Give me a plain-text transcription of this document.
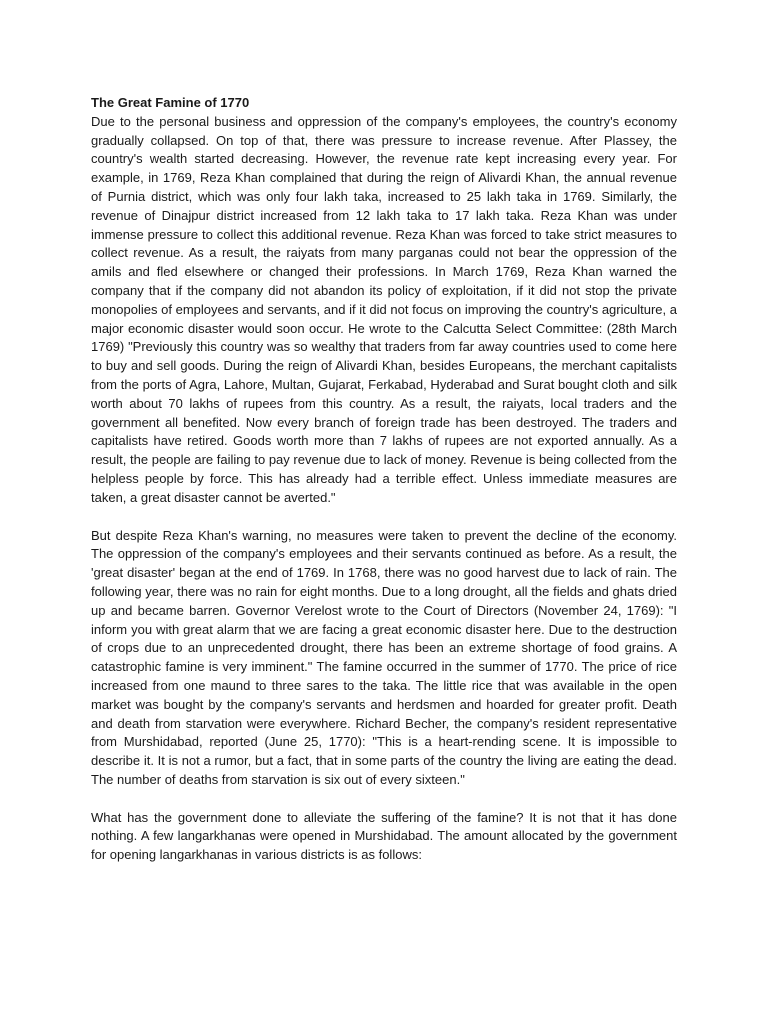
The Great Famine of 1770

Due to the personal business and oppression of the company's employees, the country's economy gradually collapsed. On top of that, there was pressure to increase revenue. After Plassey, the country's wealth started decreasing. However, the revenue rate kept increasing every year. For example, in 1769, Reza Khan complained that during the reign of Alivardi Khan, the annual revenue of Purnia district, which was only four lakh taka, increased to 25 lakh taka in 1769. Similarly, the revenue of Dinajpur district increased from 12 lakh taka to 17 lakh taka. Reza Khan was under immense pressure to collect this additional revenue. Reza Khan was forced to take strict measures to collect revenue. As a result, the raiyats from many parganas could not bear the oppression of the amils and fled elsewhere or changed their professions. In March 1769, Reza Khan warned the company that if the company did not abandon its policy of exploitation, if it did not stop the private monopolies of employees and servants, and if it did not focus on improving the country's agriculture, a major economic disaster would soon occur. He wrote to the Calcutta Select Committee: (28th March 1769) "Previously this country was so wealthy that traders from far away countries used to come here to buy and sell goods. During the reign of Alivardi Khan, besides Europeans, the merchant capitalists from the ports of Agra, Lahore, Multan, Gujarat, Ferkabad, Hyderabad and Surat bought cloth and silk worth about 70 lakhs of rupees from this country. As a result, the raiyats, local traders and the government all benefited. Now every branch of foreign trade has been destroyed. The traders and capitalists have retired. Goods worth more than 7 lakhs of rupees are not exported annually. As a result, the people are failing to pay revenue due to lack of money. Revenue is being collected from the helpless people by force. This has already had a terrible effect. Unless immediate measures are taken, a great disaster cannot be averted."

But despite Reza Khan's warning, no measures were taken to prevent the decline of the economy. The oppression of the company's employees and their servants continued as before. As a result, the 'great disaster' began at the end of 1769. In 1768, there was no good harvest due to lack of rain. The following year, there was no rain for eight months. Due to a long drought, all the fields and ghats dried up and became barren. Governor Verelost wrote to the Court of Directors (November 24, 1769): "I inform you with great alarm that we are facing a great economic disaster here. Due to the destruction of crops due to an unprecedented drought, there has been an extreme shortage of food grains. A catastrophic famine is very imminent." The famine occurred in the summer of 1770. The price of rice increased from one maund to three sares to the taka. The little rice that was available in the open market was bought by the company's servants and herdsmen and hoarded for greater profit. Death and death from starvation were everywhere. Richard Becher, the company's resident representative from Murshidabad, reported (June 25, 1770): "This is a heart-rending scene. It is impossible to describe it. It is not a rumor, but a fact, that in some parts of the country the living are eating the dead. The number of deaths from starvation is six out of every sixteen."

What has the government done to alleviate the suffering of the famine? It is not that it has done nothing. A few langarkhanas were opened in Murshidabad. The amount allocated by the government for opening langarkhanas in various districts is as follows:
